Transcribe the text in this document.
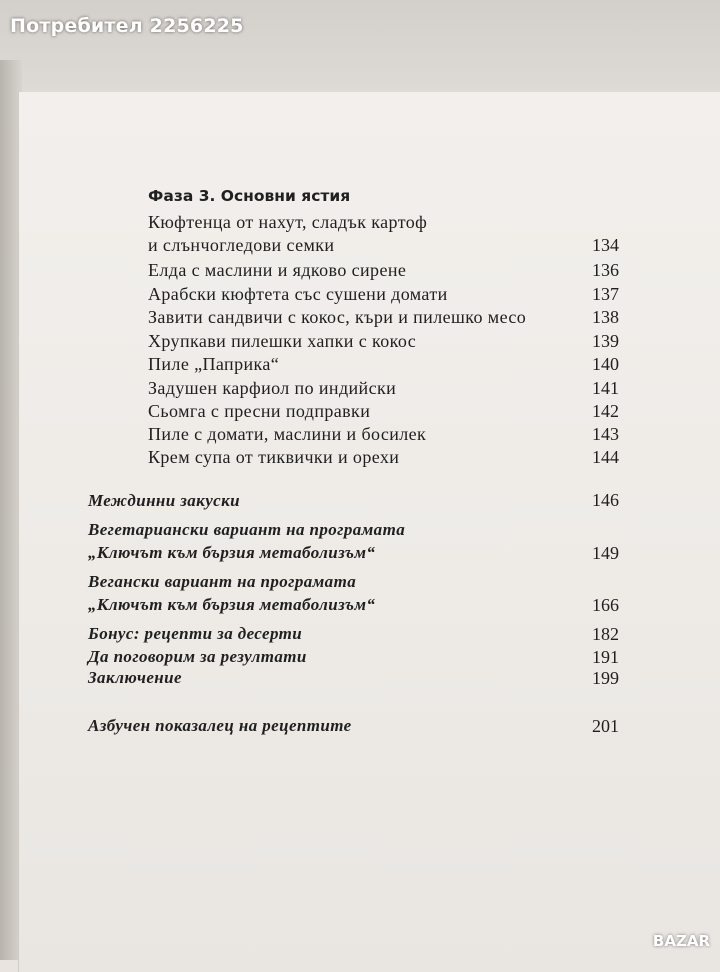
Фаза 3. Основни ястия
Кюфтенца от нахут, сладък картоф
и слънчогледови семки	134
Елда с маслини и ядково сирене	136
Арабски кюфтета със сушени домати	137
Завити сандвичи с кокос, къри и пилешко месо	138
Хрупкави пилешки хапки с кокос	139
Пиле „Паприка“	140
Задушен карфиол по индийски	141
Сьомга с пресни подправки	142
Пиле с домати, маслини и босилек	143
Крем супа от тиквички и орехи	144
Междинни закуски	146
Вегетариански вариант на програмата
„Ключът към бързия метаболизъм“	149
Вегански вариант на програмата
„Ключът към бързия метаболизъм“	166
Бонус: рецепти за десерти	182
Да поговорим за резултати	191
Заключение	199
Азбучен показалец на рецептите	201
Потребител 2256225
BAZAR
